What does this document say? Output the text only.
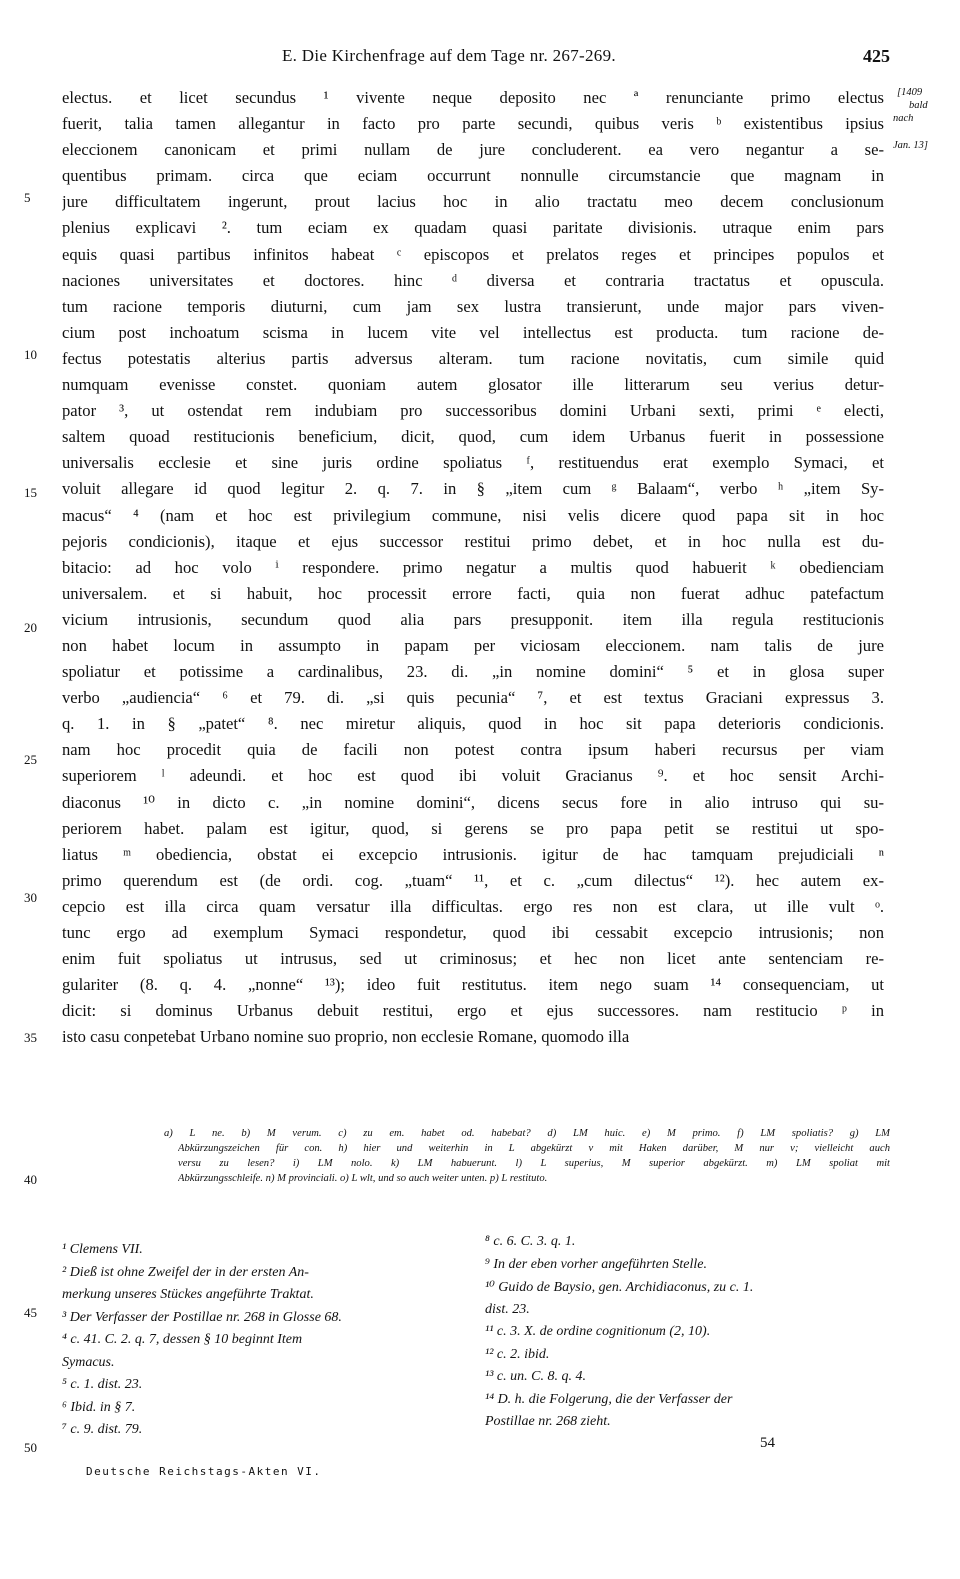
E. Die Kirchenfrage auf dem Tage nr. 267-269.	425
[1409
bald
nach
Jan. 13]
5
10
15
20
25
30
35
40
45
50
electus. et licet secundus ¹ vivente neque deposito nec ª renunciante primo electus
fuerit, talia tamen allegantur in facto pro parte secundi, quibus veris ᵇ existentibus ipsius
eleccionem canonicam et primi nullam de jure concluderent. ea vero negantur a se-
quentibus primam. circa que eciam occurrunt nonnulle circumstancie que magnam in
jure difficultatem ingerunt, prout lacius hoc in alio tractatu meo decem conclusionum
plenius explicavi ². tum eciam ex quadam quasi paritate divisionis. utraque enim pars
equis quasi partibus infinitos habeat ᶜ episcopos et prelatos reges et principes populos et
naciones universitates et doctores. hinc ᵈ diversa et contraria tractatus et opuscula.
tum racione temporis diuturni, cum jam sex lustra transierunt, unde major pars viven-
cium post inchoatum scisma in lucem vite vel intellectus est producta. tum racione de-
fectus potestatis alterius partis adversus alteram. tum racione novitatis, cum simile quid
numquam evenisse constet. quoniam autem glosator ille litterarum seu verius detur-
pator ³, ut ostendat rem indubiam pro successoribus domini Urbani sexti, primi ᵉ electi,
saltem quoad restitucionis beneficium, dicit, quod, cum idem Urbanus fuerit in possessione
universalis ecclesie et sine juris ordine spoliatus ᶠ, restituendus erat exemplo Symaci, et
voluit allegare id quod legitur 2. q. 7. in § „item cum ᵍ Balaam“, verbo ʰ „item Sy-
macus“ ⁴ (nam et hoc est privilegium commune, nisi velis dicere quod papa sit in hoc
pejoris condicionis), itaque et ejus successor restitui primo debet, et in hoc nulla est du-
bitacio: ad hoc volo ⁱ respondere. primo negatur a multis quod habuerit ᵏ obedienciam
universalem. et si habuit, hoc processit errore facti, quia non fuerat adhuc patefactum
vicium intrusionis, secundum quod alia pars presupponit. item illa regula restitucionis
non habet locum in assumpto in papam per viciosam eleccionem. nam talis de jure
spoliatur et potissime a cardinalibus, 23. di. „in nomine domini“ ⁵ et in glosa super
verbo „audiencia“ ⁶ et 79. di. „si quis pecunia“ ⁷, et est textus Graciani expressus 3.
q. 1. in § „patet“ ⁸. nec miretur aliquis, quod in hoc sit papa deterioris condicionis.
nam hoc procedit quia de facili non potest contra ipsum haberi recursus per viam
superiorem ˡ adeundi. et hoc est quod ibi voluit Gracianus ⁹. et hoc sensit Archi-
diaconus ¹⁰ in dicto c. „in nomine domini“, dicens secus fore in alio intruso qui su-
periorem habet. palam est igitur, quod, si gerens se pro papa petit se restitui ut spo-
liatus ᵐ obediencia, obstat ei excepcio intrusionis. igitur de hac tamquam prejudiciali ⁿ
primo querendum est (de ordi. cog. „tuam“ ¹¹, et c. „cum dilectus“ ¹²). hec autem ex-
cepcio est illa circa quam versatur illa difficultas. ergo res non est clara, ut ille vult ᵒ.
tunc ergo ad exemplum Symaci respondetur, quod ibi cessabit excepcio intrusionis; non
enim fuit spoliatus ut intrusus, sed ut criminosus; et hec non licet ante sentenciam re-
gulariter (8. q. 4. „nonne“ ¹³); ideo fuit restitutus. item nego suam ¹⁴ consequenciam, ut
dicit: si dominus Urbanus debuit restitui, ergo et ejus successores. nam restitucio ᵖ in
isto casu conpetebat Urbano nomine suo proprio, non ecclesie Romane, quomodo illa
a) L ne. b) M verum. c) zu em. habet od. habebat? d) LM huic. e) M primo. f) LM spoliatis? g) LM
Abkürzungszeichen für con. h) hier und weiterhin in L abgekürzt v mit Haken darüber, M nur v; vielleicht auch
versu zu lesen? i) LM nolo. k) LM habuerunt. l) L superius, M superior abgekürzt. m) LM spoliat mit
Abkürzungsschleife. n) M provinciali. o) L wlt, und so auch weiter unten. p) L restituto.
¹ Clemens VII.
² Dieß ist ohne Zweifel der in der ersten An-
merkung unseres Stückes angeführte Traktat.
³ Der Verfasser der Postillae nr. 268 in Glosse 68.
⁴ c. 41. C. 2. q. 7, dessen § 10 beginnt Item
Symacus.
⁵ c. 1. dist. 23.
⁶ Ibid. in § 7.
⁷ c. 9. dist. 79.
⁸ c. 6. C. 3. q. 1.
⁹ In der eben vorher angeführten Stelle.
¹⁰ Guido de Baysio, gen. Archidiaconus, zu c. 1.
dist. 23.
¹¹ c. 3. X. de ordine cognitionum (2, 10).
¹² c. 2. ibid.
¹³ c. un. C. 8. q. 4.
¹⁴ D. h. die Folgerung, die der Verfasser der
Postillae nr. 268 zieht.
54
Deutsche Reichstags-Akten VI.
